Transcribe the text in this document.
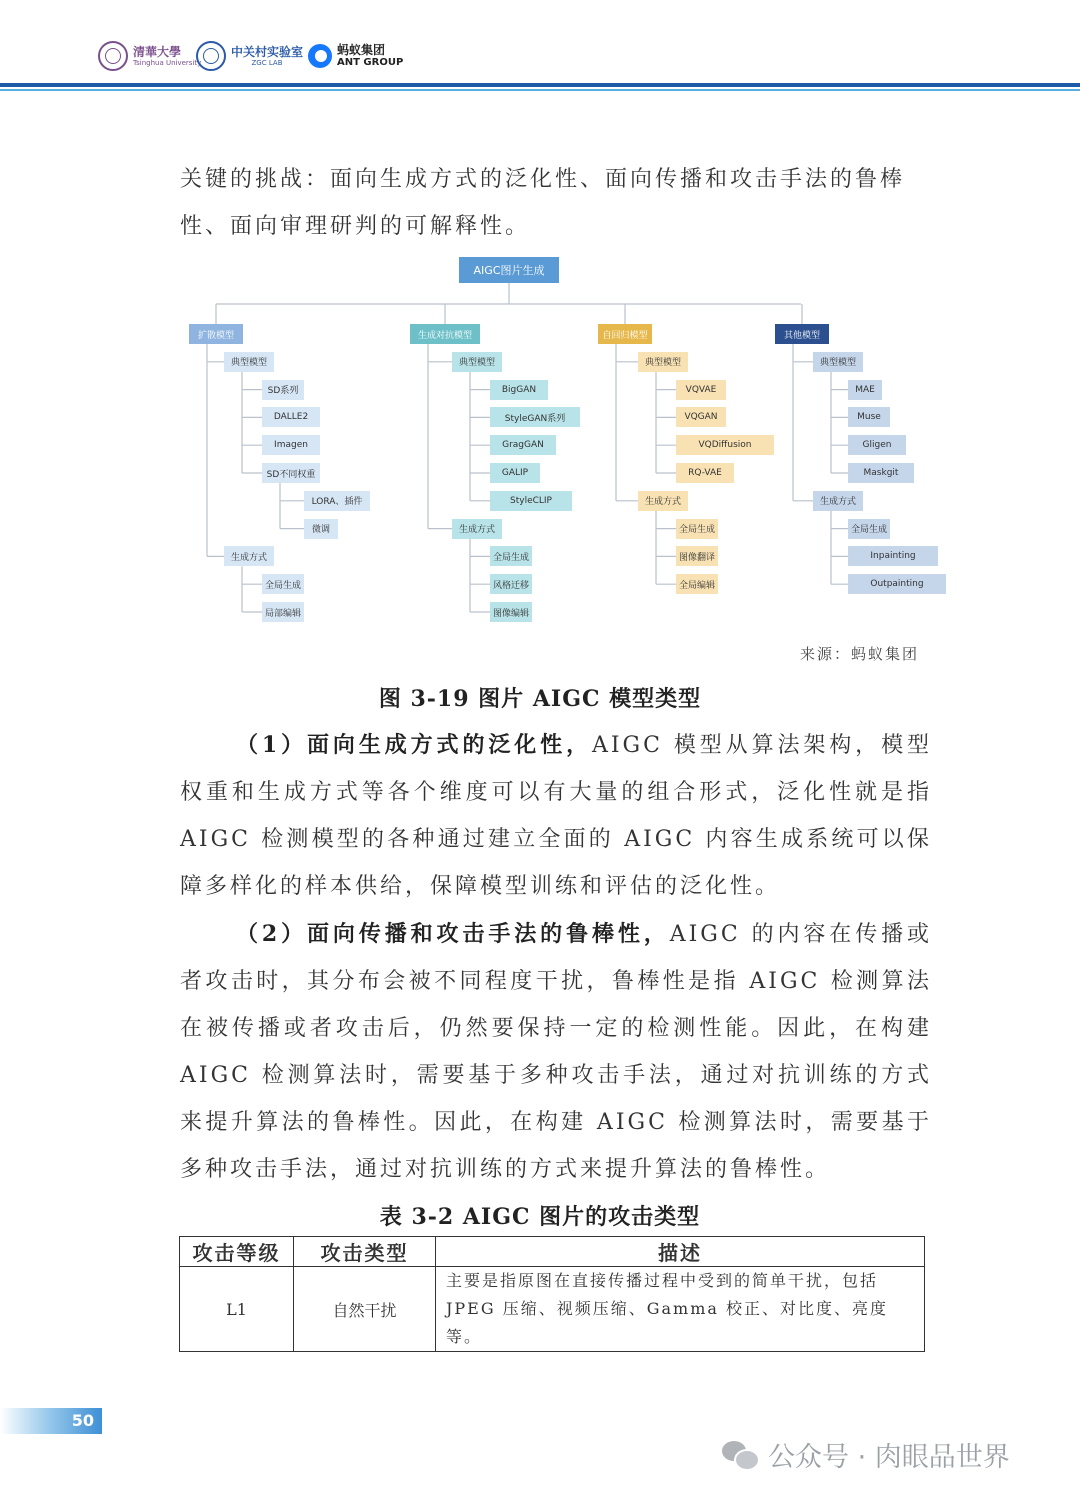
清華大學
Tsinghua University
中关村实验室
ZGC LAB
蚂蚁集团
ANT GROUP
关键的挑战：面向生成方式的泛化性、面向传播和攻击手法的鲁棒性、面向审理研判的可解释性。
AIGC图片生成
扩散模型
典型模型
SD系列
DALLE2
Imagen
SD不同权重
LORA、插件
微调
生成方式
全局生成
局部编辑
生成对抗模型
典型模型
BigGAN
StyleGAN系列
GragGAN
GALIP
StyleCLIP
生成方式
全局生成
风格迁移
图像编辑
自回归模型
典型模型
VQVAE
VQGAN
VQDiffusion
RQ-VAE
生成方式
全局生成
图像翻译
全局编辑
其他模型
典型模型
MAE
Muse
Gligen
Maskgit
生成方式
全局生成
Inpainting
Outpainting
来源：蚂蚁集团
图 3-19 图片 AIGC 模型类型
（1）面向生成方式的泛化性，AIGC 模型从算法架构，模型权重和生成方式等各个维度可以有大量的组合形式，泛化性就是指 AIGC 检测模型的各种通过建立全面的 AIGC 内容生成系统可以保障多样化的样本供给，保障模型训练和评估的泛化性。
（2）面向传播和攻击手法的鲁棒性，AIGC 的内容在传播或者攻击时，其分布会被不同程度干扰，鲁棒性是指 AIGC 检测算法在被传播或者攻击后，仍然要保持一定的检测性能。因此，在构建 AIGC 检测算法时，需要基于多种攻击手法，通过对抗训练的方式来提升算法的鲁棒性。因此，在构建 AIGC 检测算法时，需要基于多种攻击手法，通过对抗训练的方式来提升算法的鲁棒性。
表 3-2 AIGC 图片的攻击类型
攻击等级	攻击类型	描述
L1	自然干扰	主要是指原图在直接传播过程中受到的简单干扰，包括 JPEG 压缩、视频压缩、Gamma 校正、对比度、亮度等。
50
公众号 · 肉眼品世界
